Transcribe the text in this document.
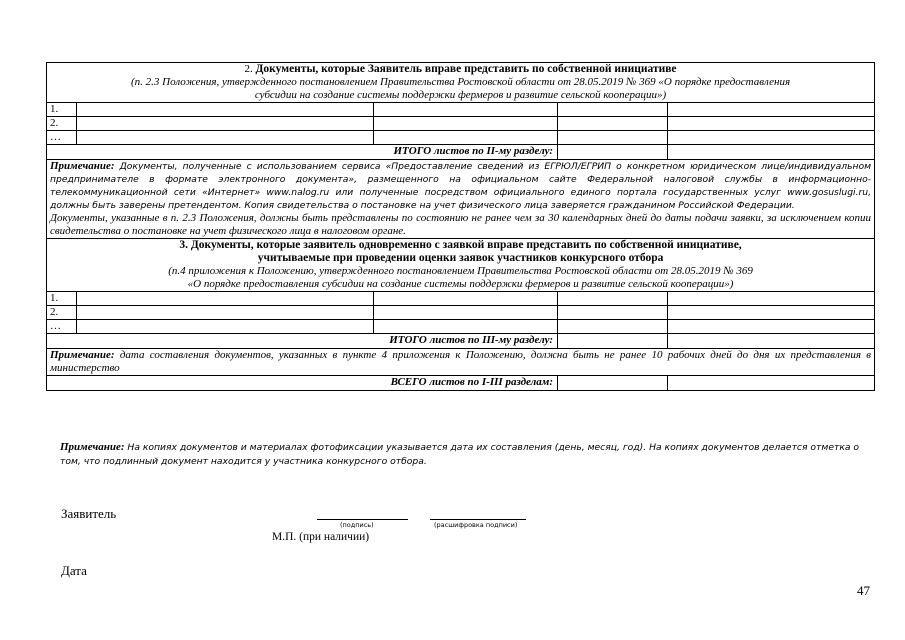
2. Документы, которые Заявитель вправе представить по собственной инициативе
(п. 2.3 Положения, утвержденного постановлением Правительства Ростовской области от 28.05.2019 № 369 «О порядке предоставления
субсидии на создание системы поддержки фермеров и развитие сельской кооперации»)				

1.				
2.				
…				
ИТОГО листов по II-му разделу:				

Примечание: Документы, полученные с использованием сервиса «Предоставление сведений из ЕГРЮЛ/ЕГРИП о конкретном юридическом лице/индивидуальном предпринимателе в формате электронного документа», размещенного на официальном сайте Федеральной налоговой службы в информационно-телекоммуникационной сети «Интернет» www.nalog.ru или полученные посредством официального единого портала государственных услуг www.gosuslugi.ru, должны быть заверены претендентом. Копия свидетельства о постановке на учет физического лица заверяется гражданином Российской Федерации.
Документы, указанные в п. 2.3 Положения, должны быть представлены по состоянию не ранее чем за 30 календарных дней до даты подачи заявки, за исключением копии свидетельства о постановке на учет физического лица в налоговом органе.				

3. Документы, которые заявитель одновременно с заявкой вправе представить по собственной инициативе,
учитываемые при проведении оценки заявок участников конкурсного отбора
(п.4 приложения к Положению, утвержденного постановлением Правительства Ростовской области от 28.05.2019 № 369
«О порядке предоставления субсидии на создание системы поддержки фермеров и развитие сельской кооперации»)				

1.				
2.				
…				
ИТОГО листов по III-му разделу:				

Примечание: дата составления документов, указанных в пункте 4 приложения к Положению, должна быть не ранее 10 рабочих дней до дня их представления в министерство				

ВСЕГО листов по I-III разделам:				
Примечание: На копиях документов и материалах фотофиксации указывается дата их составления (день, месяц, год). На копиях документов делается отметка о том, что подлинный документ находится у участника конкурсного отбора.
Заявитель
(подпись)	(расшифровка подписи)
М.П. (при наличии)
Дата
47
